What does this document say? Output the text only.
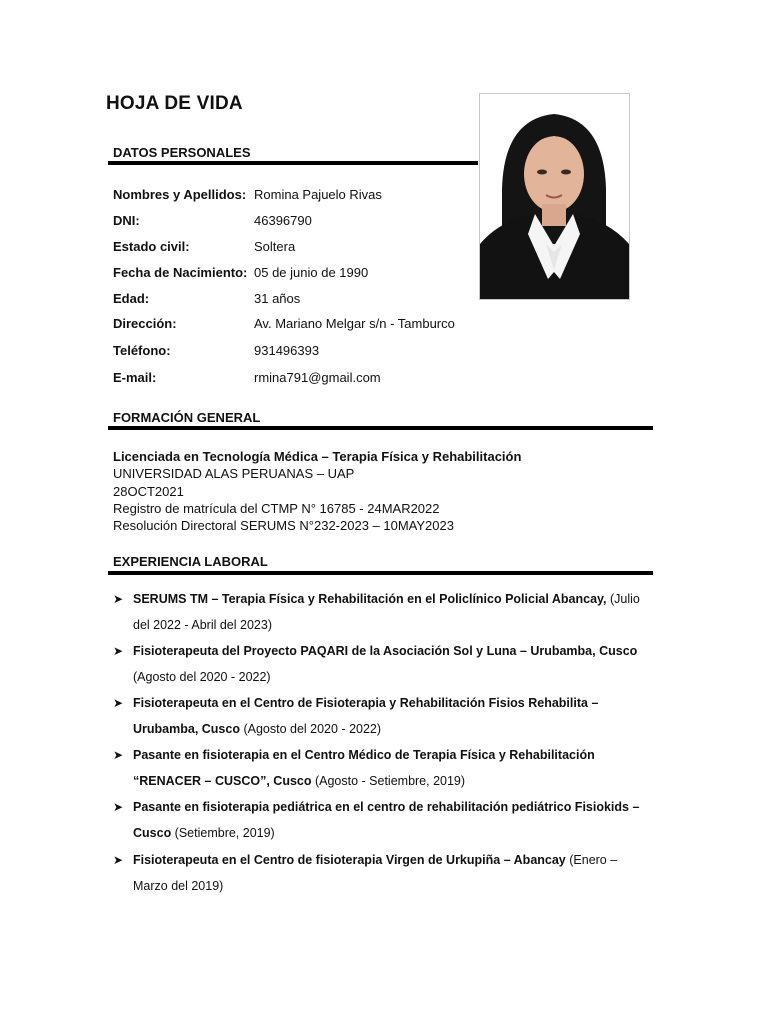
HOJA DE VIDA
DATOS PERSONALES
Nombres y Apellidos: Romina Pajuelo Rivas
DNI:	46396790
Estado civil:	Soltera
Fecha de Nacimiento: 05 de junio de 1990
Edad:	31 años
Dirección:	Av. Mariano Melgar s/n - Tamburco
Teléfono:	931496393
E-mail:	rmina791@gmail.com
FORMACIÓN GENERAL
Licenciada en Tecnología Médica – Terapia Física y Rehabilitación
UNIVERSIDAD ALAS PERUANAS – UAP
28OCT2021
Registro de matrícula del CTMP N° 16785 - 24MAR2022
Resolución Directoral SERUMS N°232-2023 – 10MAY2023
EXPERIENCIA LABORAL
➤ SERUMS TM – Terapia Física y Rehabilitación en el Policlínico Policial Abancay, (Julio del 2022 - Abril del 2023)
➤ Fisioterapeuta del Proyecto PAQARI de la Asociación Sol y Luna – Urubamba, Cusco (Agosto del 2020 - 2022)
➤ Fisioterapeuta en el Centro de Fisioterapia y Rehabilitación Fisios Rehabilita – Urubamba, Cusco (Agosto del 2020 - 2022)
➤ Pasante en fisioterapia en el Centro Médico de Terapia Física y Rehabilitación “RENACER – CUSCO”, Cusco (Agosto - Setiembre, 2019)
➤ Pasante en fisioterapia pediátrica en el centro de rehabilitación pediátrico Fisiokids – Cusco (Setiembre, 2019)
➤ Fisioterapeuta en el Centro de fisioterapia Virgen de Urkupiña – Abancay (Enero – Marzo del 2019)
